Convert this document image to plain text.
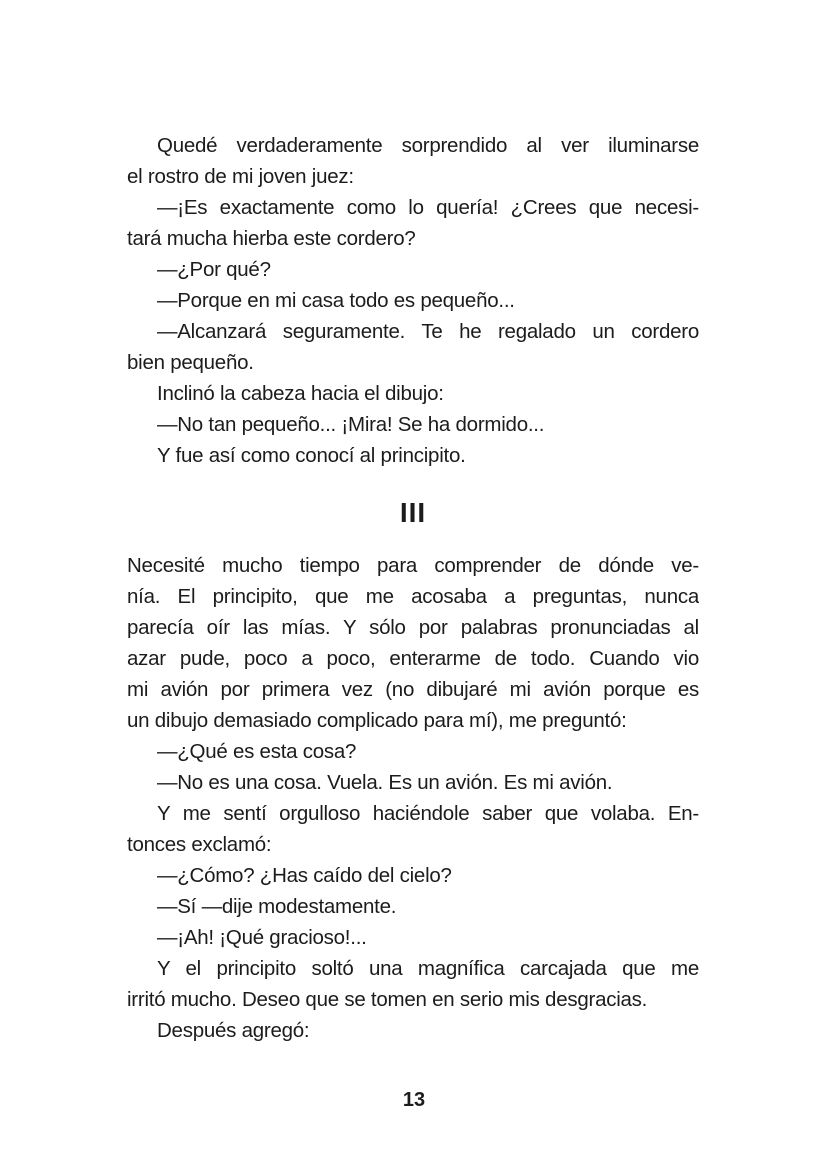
Quedé verdaderamente sorprendido al ver iluminarse
el rostro de mi joven juez:
—¡Es exactamente como lo quería! ¿Crees que necesi-
tará mucha hierba este cordero?
—¿Por qué?
—Porque en mi casa todo es pequeño...
—Alcanzará seguramente. Te he regalado un cordero
bien pequeño.
Inclinó la cabeza hacia el dibujo:
—No tan pequeño... ¡Mira! Se ha dormido...
Y fue así como conocí al principito.
III
Necesité mucho tiempo para comprender de dónde ve-
nía. El principito, que me acosaba a preguntas, nunca
parecía oír las mías. Y sólo por palabras pronunciadas al
azar pude, poco a poco, enterarme de todo. Cuando vio
mi avión por primera vez (no dibujaré mi avión porque es
un dibujo demasiado complicado para mí), me preguntó:
—¿Qué es esta cosa?
—No es una cosa. Vuela. Es un avión. Es mi avión.
Y me sentí orgulloso haciéndole saber que volaba. En-
tonces exclamó:
—¿Cómo? ¿Has caído del cielo?
—Sí —dije modestamente.
—¡Ah! ¡Qué gracioso!...
Y el principito soltó una magnífica carcajada que me
irritó mucho. Deseo que se tomen en serio mis desgracias.
Después agregó:
13
